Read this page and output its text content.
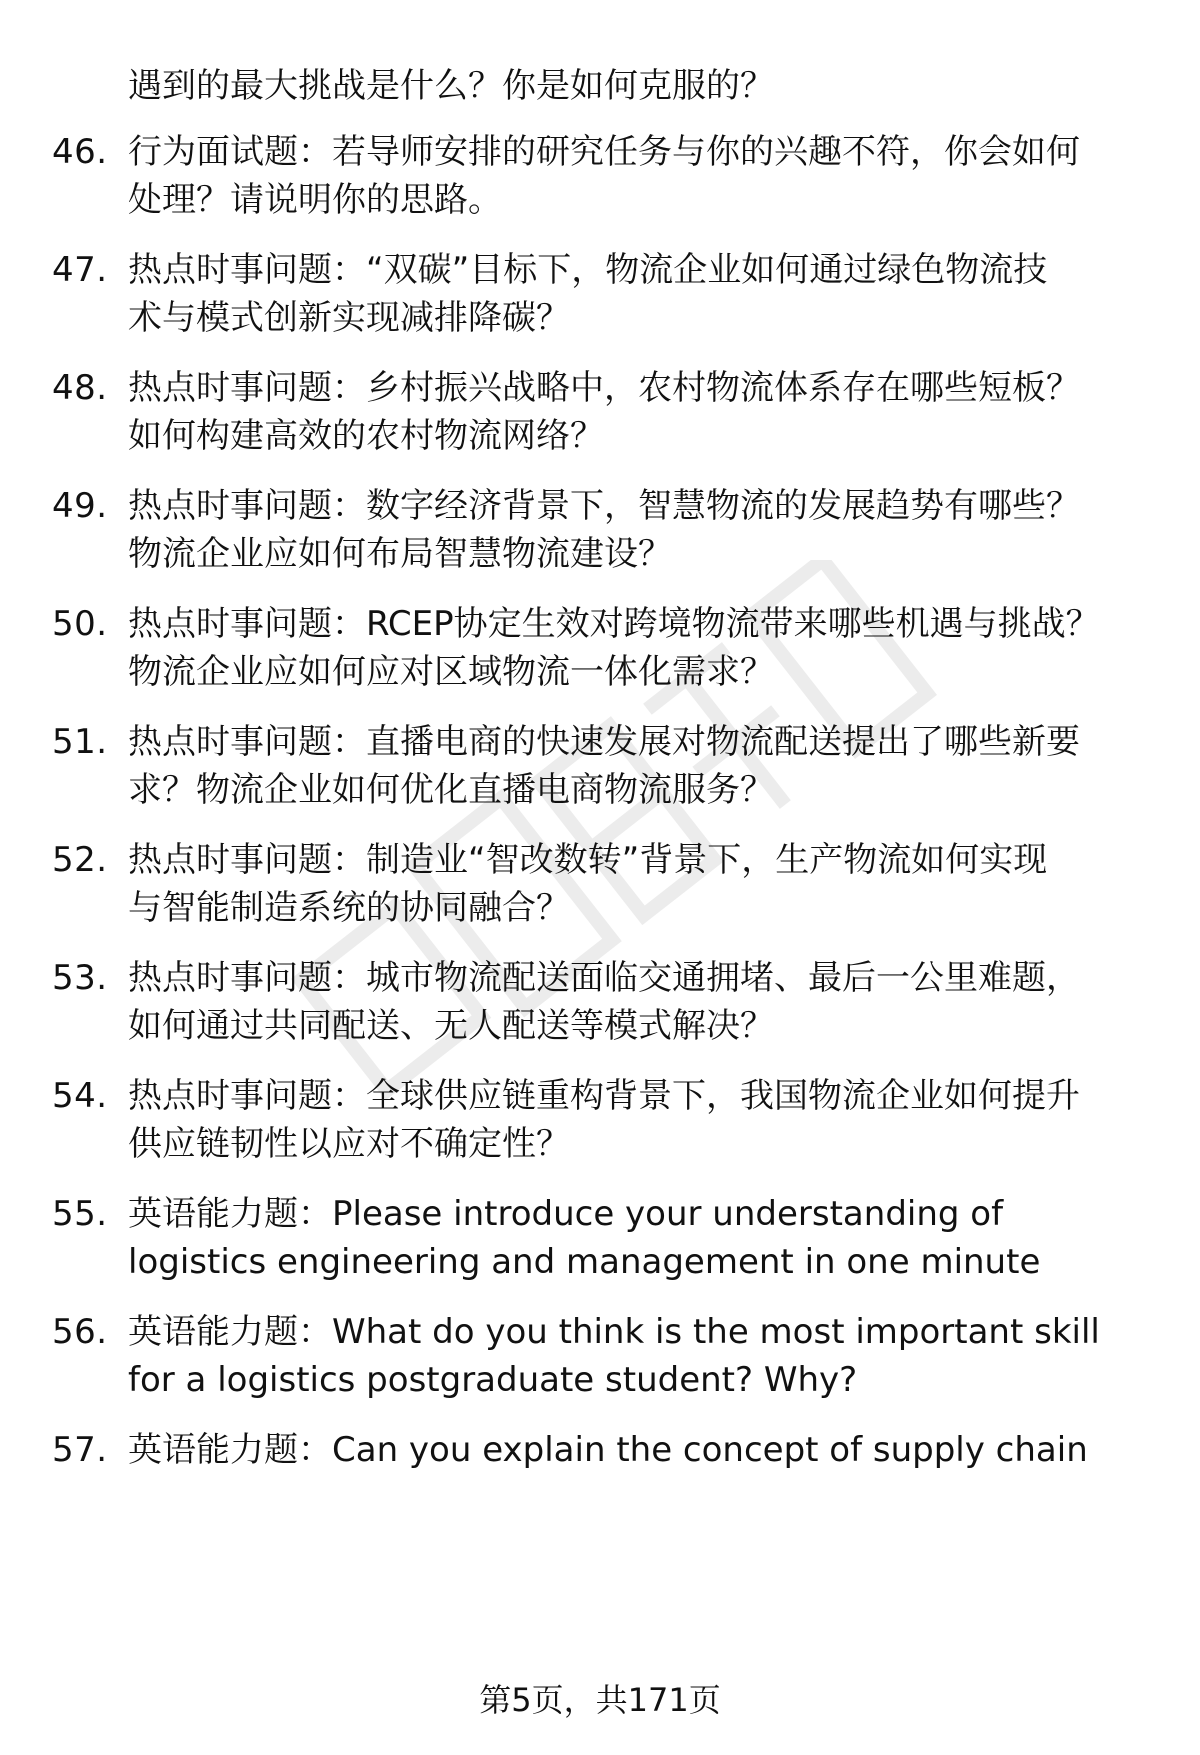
遇到的最大挑战是什么？你是如何克服的？
46. 行为面试题：若导师安排的研究任务与你的兴趣不符，你会如何
处理？请说明你的思路。
47. 热点时事问题：“双碳”目标下，物流企业如何通过绿色物流技
术与模式创新实现减排降碳？
48. 热点时事问题：乡村振兴战略中，农村物流体系存在哪些短板？
如何构建高效的农村物流网络？
49. 热点时事问题：数字经济背景下，智慧物流的发展趋势有哪些？
物流企业应如何布局智慧物流建设？
50. 热点时事问题：RCEP协定生效对跨境物流带来哪些机遇与挑战？
物流企业应如何应对区域物流一体化需求？
51. 热点时事问题：直播电商的快速发展对物流配送提出了哪些新要
求？物流企业如何优化直播电商物流服务？
52. 热点时事问题：制造业“智改数转”背景下，生产物流如何实现
与智能制造系统的协同融合？
53. 热点时事问题：城市物流配送面临交通拥堵、最后一公里难题，
如何通过共同配送、无人配送等模式解决？
54. 热点时事问题：全球供应链重构背景下，我国物流企业如何提升
供应链韧性以应对不确定性？
55. 英语能力题：Please introduce your understanding of
logistics engineering and management in one minute
56. 英语能力题：What do you think is the most important skill
for a logistics postgraduate student? Why?
57. 英语能力题：Can you explain the concept of supply chain
第5页，共171页
